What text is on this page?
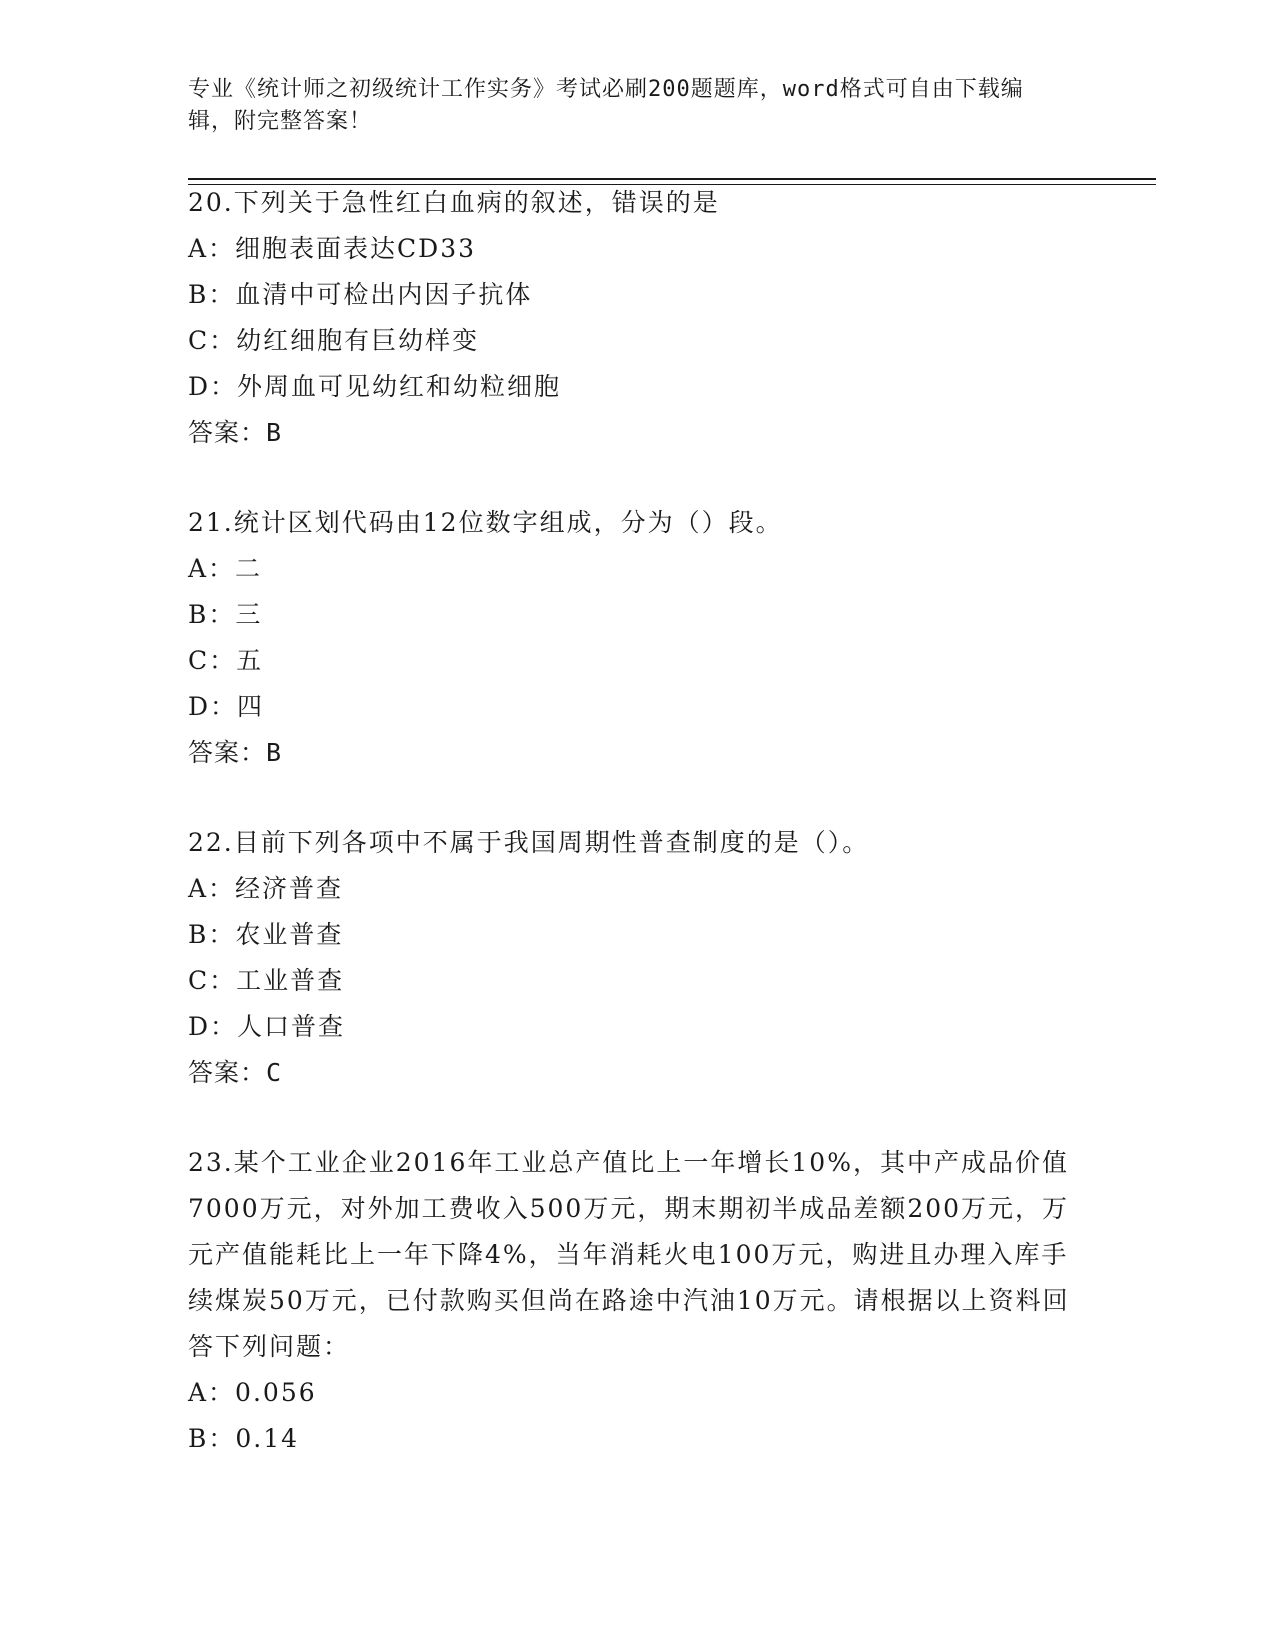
专业《统计师之初级统计工作实务》考试必刷200题题库，word格式可自由下载编辑，附完整答案！
20.下列关于急性红白血病的叙述，错误的是
A：细胞表面表达CD33
B：血清中可检出内因子抗体
C：幼红细胞有巨幼样变
D：外周血可见幼红和幼粒细胞
答案：B
21.统计区划代码由12位数字组成，分为（）段。
A：二
B：三
C：五
D：四
答案：B
22.目前下列各项中不属于我国周期性普查制度的是（）。
A：经济普查
B：农业普查
C：工业普查
D：人口普查
答案：C
23.某个工业企业2016年工业总产值比上一年增长10%，其中产成品价值7000万元，对外加工费收入500万元，期末期初半成品差额200万元，万元产值能耗比上一年下降4%，当年消耗火电100万元，购进且办理入库手续煤炭50万元，已付款购买但尚在路途中汽油10万元。请根据以上资料回答下列问题：
A：0.056
B：0.14
